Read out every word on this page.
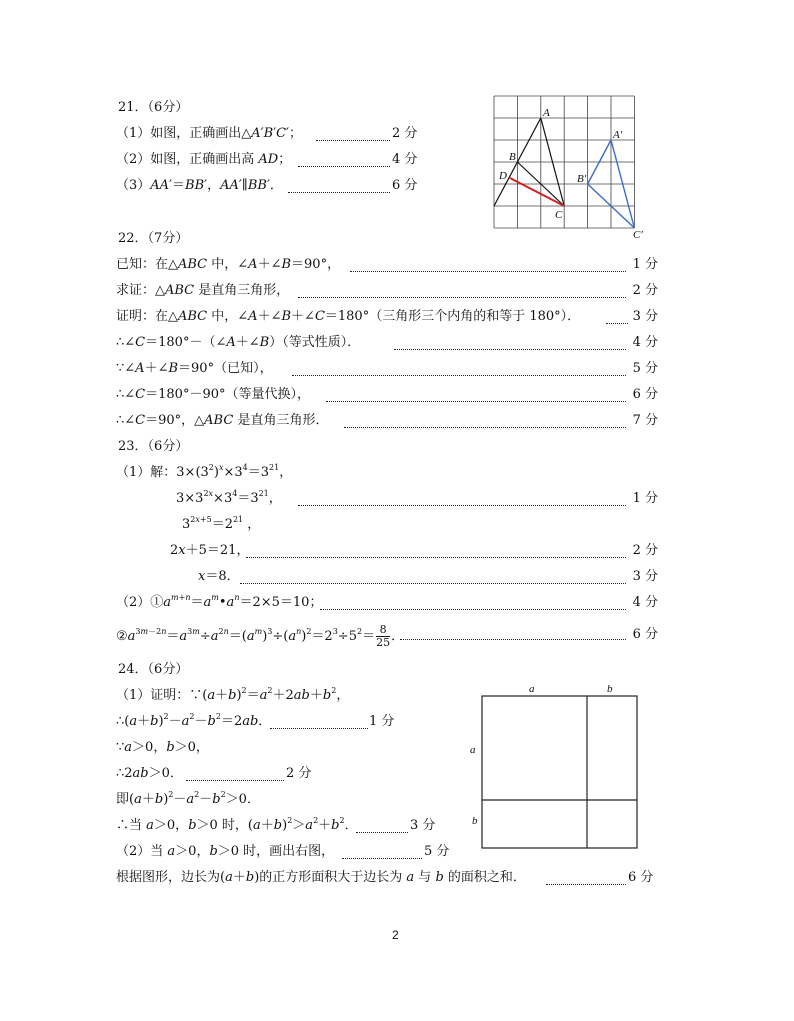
21．（6分）
（1）如图，正确画出△A′B′C′；	2 分
（2）如图，正确画出高 AD；	4 分
（3）AA′＝BB′，AA′∥BB′．	6 分
A
B
D
C
A′
B′
C′
22．（7分）
已知：在△ABC 中，∠A＋∠B＝90°，	1 分
求证：△ABC 是直角三角形，	2 分
证明：在△ABC 中，∠A＋∠B＋∠C＝180°（三角形三个内角的和等于 180°）．	3 分
∴∠C＝180°－（∠A＋∠B）（等式性质）．	4 分
∵∠A＋∠B＝90°（已知），	5 分
∴∠C＝180°－90°（等量代换），	6 分
∴∠C＝90°，△ABC 是直角三角形．	7 分
23．（6分）
（1）解：$3\times(3^2)^x\times 3^4=3^{21}$，
$3\times 3^{2x}\times 3^4=3^{21}$，	1 分
$3^{2x+5}=2^{21}$ ，
2x＋5＝21，	2 分
x＝8．	3 分
$(2)①a^{m+n}=a^m•a^n=2\times 5=10$；	4 分
$②a^{3m-2n}=a^{3m}\div a^{2n}=(a^m)^3\div(a^n)^2=2^3\div 5^2= \frac{8}{25}$ ．	6 分
24．（6分）
（1）证明：$\because(a+b)^2=a^2+2ab+b^2$，
$\therefore(a+b)^2-a^2-b^2=2ab$．	1 分
∵a＞0，b＞0，
∴2ab＞0．	2 分
即$(a+b)^2-a^2-b^2>0$．
∴当 a＞0，b＞0 时，$(a+b)^2>a^2+b^2$．	3 分
（2）当 a＞0，b＞0 时，画出右图，	5 分
根据图形，边长为(a＋b)的正方形面积大于边长为 a 与 b 的面积之和．	6 分
a	b
a
b
2
